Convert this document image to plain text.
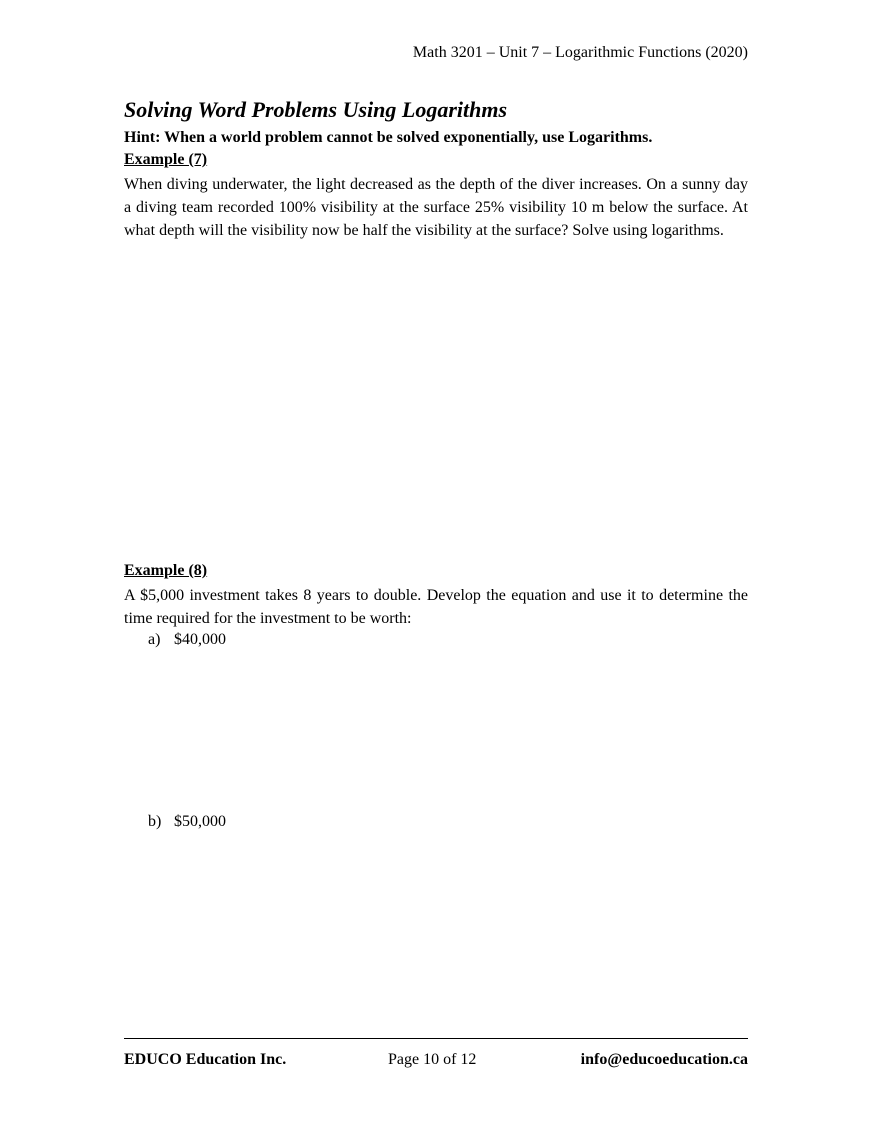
Math 3201 – Unit 7 – Logarithmic Functions (2020)
Solving Word Problems Using Logarithms
Hint: When a world problem cannot be solved exponentially, use Logarithms.
Example (7)
When diving underwater, the light decreased as the depth of the diver increases. On a sunny day a diving team recorded 100% visibility at the surface 25% visibility 10 m below the surface. At what depth will the visibility now be half the visibility at the surface? Solve using logarithms.
Example (8)
A $5,000 investment takes 8 years to double. Develop the equation and use it to determine the time required for the investment to be worth:
a) $40,000
b) $50,000
EDUCO Education Inc.	Page 10 of 12	info@educoeducation.ca
